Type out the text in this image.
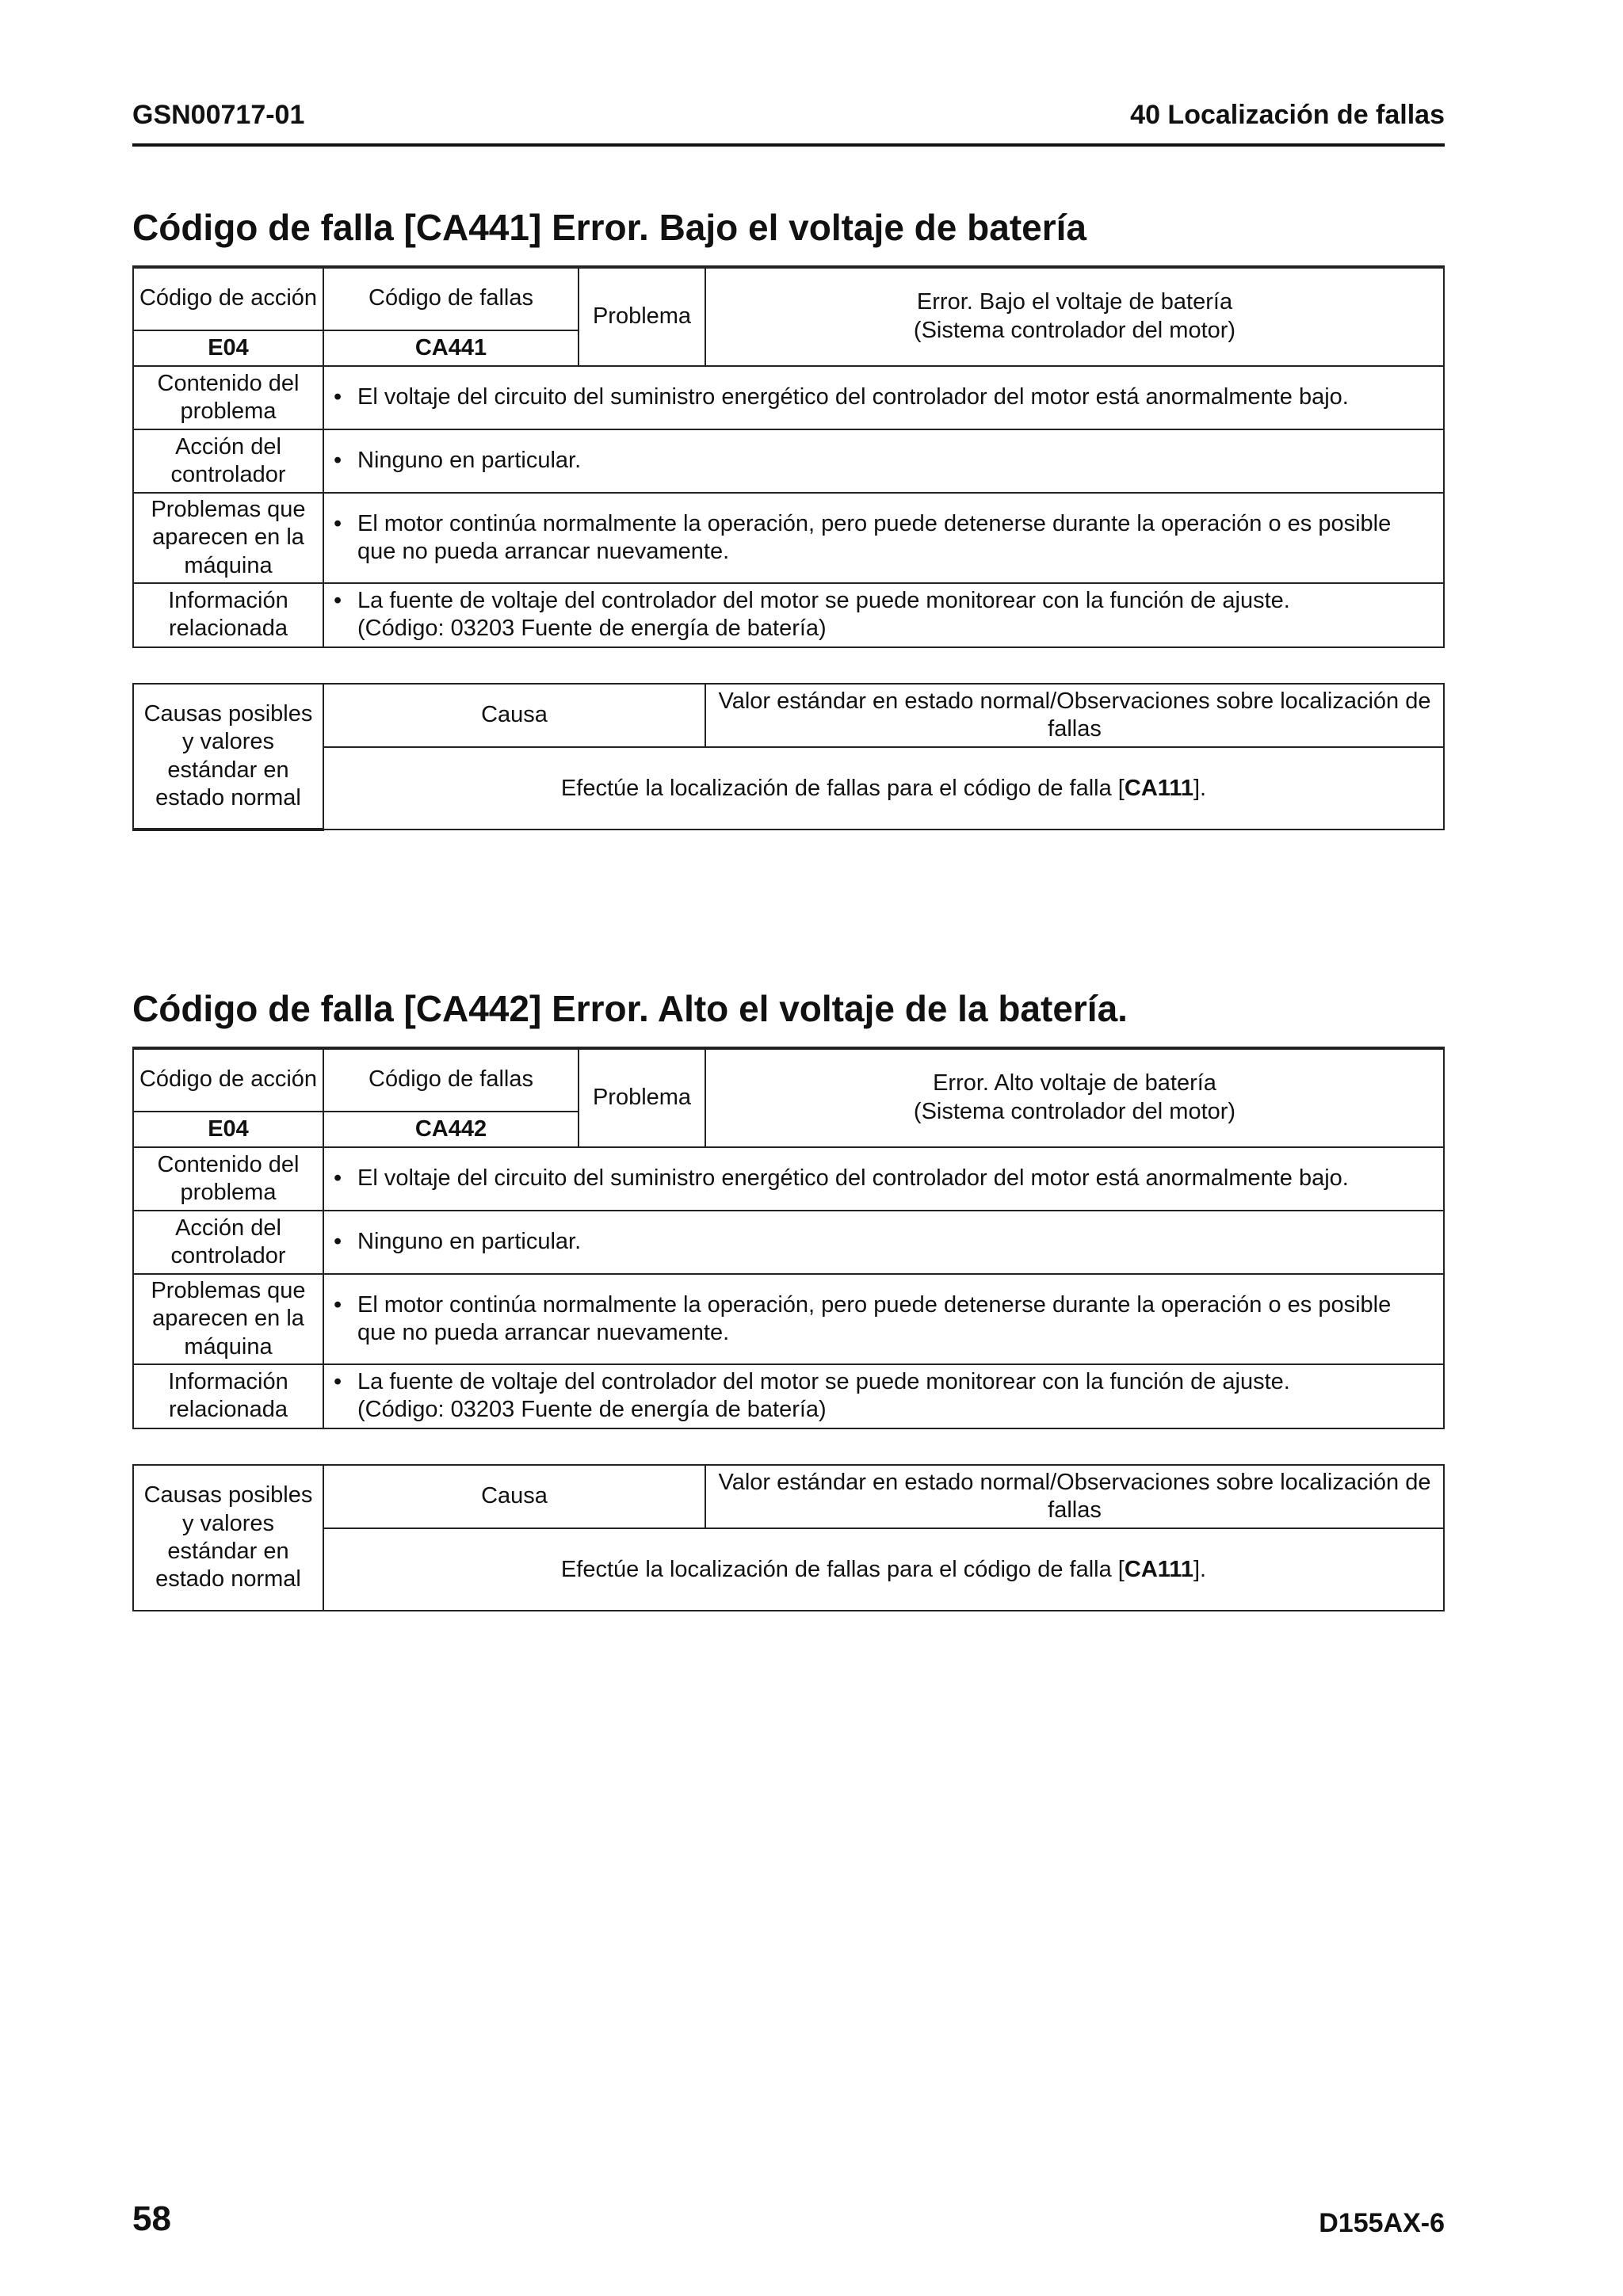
GSN00717-01	40 Localización de fallas
Código de falla [CA441] Error. Bajo el voltaje de batería
Código de acción	Código de fallas	Problema	Error. Bajo el voltaje de batería
(Sistema controlador del motor)

E04	CA441		
Contenido del problema	• El voltaje del circuito del suministro energético del controlador del motor está anormalmente bajo.		

Acción del controlador	• Ninguno en particular.		

Problemas que aparecen en la máquina	• El motor continúa normalmente la operación, pero puede detenerse durante la operación o es posible que no pueda arrancar nuevamente.		

Información relacionada	• La fuente de voltaje del controlador del motor se puede monitorear con la función de ajuste.
(Código: 03203 Fuente de energía de batería)		
Causas posibles y valores estándar en estado normal	Causa	Valor estándar en estado normal/Observaciones sobre localización de fallas
Efectúe la localización de fallas para el código de falla [CA111].
Código de falla [CA442] Error. Alto el voltaje de la batería.
Código de acción	Código de fallas	Problema	Error. Alto voltaje de batería
(Sistema controlador del motor)

E04	CA442		
Contenido del problema	• El voltaje del circuito del suministro energético del controlador del motor está anormalmente bajo.		

Acción del controlador	• Ninguno en particular.		

Problemas que aparecen en la máquina	• El motor continúa normalmente la operación, pero puede detenerse durante la operación o es posible que no pueda arrancar nuevamente.		

Información relacionada	• La fuente de voltaje del controlador del motor se puede monitorear con la función de ajuste.
(Código: 03203 Fuente de energía de batería)		
Causas posibles y valores estándar en estado normal	Causa	Valor estándar en estado normal/Observaciones sobre localización de fallas
Efectúe la localización de fallas para el código de falla [CA111].
58	D155AX-6
